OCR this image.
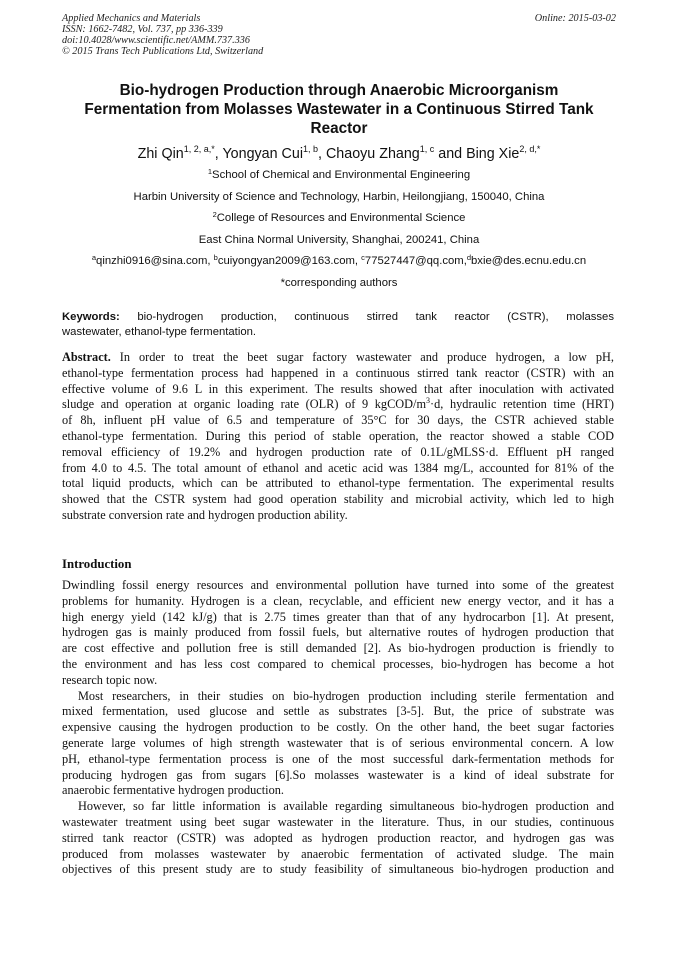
Applied Mechanics and Materials	Online: 2015-03-02
ISSN: 1662-7482, Vol. 737, pp 336-339
doi:10.4028/www.scientific.net/AMM.737.336
© 2015 Trans Tech Publications Ltd, Switzerland
Bio-hydrogen Production through Anaerobic Microorganism
Fermentation from Molasses Wastewater in a Continuous Stirred Tank
Reactor
Zhi Qin$^{1, 2, a,*}$, Yongyan Cui$^{1, b}$, Chaoyu Zhang$^{1, c}$ and Bing Xie$^{2, d,*}$
$^1$School of Chemical and Environmental Engineering
Harbin University of Science and Technology, Harbin, Heilongjiang, 150040, China
$^2$College of Resources and Environmental Science
East China Normal University, Shanghai, 200241, China
$^a$qinzhi0916@sina.com, $^b$cuiyongyan2009@163.com, $^c$77527447@qq.com,$^d$bxie@des.ecnu.edu.cn
*corresponding authors
Keywords: bio-hydrogen production, continuous stirred tank reactor (CSTR), molasses
wastewater, ethanol-type fermentation.
Abstract. In order to treat the beet sugar factory wastewater and produce hydrogen, a low pH,
ethanol-type fermentation process had happened in a continuous stirred tank reactor (CSTR) with an
effective volume of 9.6 L in this experiment. The results showed that after inoculation with activated
sludge and operation at organic loading rate (OLR) of 9 kgCOD/$m^3\cdot d$, hydraulic retention time (HRT)
of 8h, influent pH value of 6.5 and temperature of 35°C for 30 days, the CSTR achieved stable
ethanol-type fermentation. During this period of stable operation, the reactor showed a stable COD
removal efficiency of 19.2% and hydrogen production rate of 0.1L/gMLSS·d. Effluent pH ranged
from 4.0 to 4.5. The total amount of ethanol and acetic acid was 1384 mg/L, accounted for 81% of the
total liquid products, which can be attributed to ethanol-type fermentation. The experimental results
showed that the CSTR system had good operation stability and microbial activity, which led to high
substrate conversion rate and hydrogen production ability.
Introduction
Dwindling fossil energy resources and environmental pollution have turned into some of the greatest
problems for humanity. Hydrogen is a clean, recyclable, and efficient new energy vector, and it has a
high energy yield (142 kJ/g) that is 2.75 times greater than that of any hydrocarbon [1]. At present,
hydrogen gas is mainly produced from fossil fuels, but alternative routes of hydrogen production that
are cost effective and pollution free is still demanded [2]. As bio-hydrogen production is friendly to
the environment and has less cost compared to chemical processes, bio-hydrogen has become a hot
research topic now.
Most researchers, in their studies on bio-hydrogen production including sterile fermentation and
mixed fermentation, used glucose and settle as substrates [3-5]. But, the price of substrate was
expensive causing the hydrogen production to be costly. On the other hand, the beet sugar factories
generate large volumes of high strength wastewater that is of serious environmental concern. A low
pH, ethanol-type fermentation process is one of the most successful dark-fermentation methods for
producing hydrogen gas from sugars [6].So molasses wastewater is a kind of ideal substrate for
anaerobic fermentative hydrogen production.
However, so far little information is available regarding simultaneous bio-hydrogen production and
wastewater treatment using beet sugar wastewater in the literature. Thus, in our studies, continuous
stirred tank reactor (CSTR) was adopted as hydrogen production reactor, and hydrogen gas was
produced from molasses wastewater by anaerobic fermentation of activated sludge. The main
objectives of this present study are to study feasibility of simultaneous bio-hydrogen production and
